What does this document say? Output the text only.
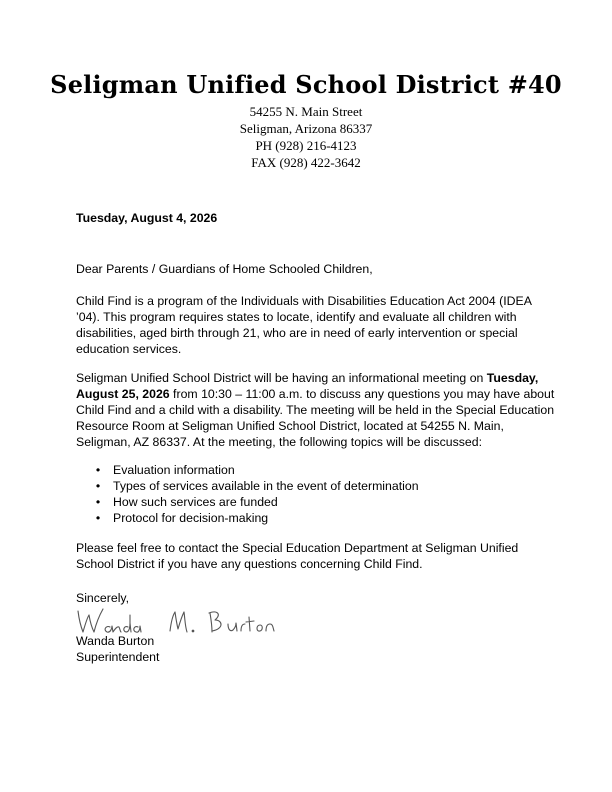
Seligman Unified School District #40
54255 N. Main Street
Seligman, Arizona 86337
PH (928) 216-4123
FAX (928) 422-3642
Tuesday, August 4, 2026
Dear Parents / Guardians of Home Schooled Children,

Child Find is a program of the Individuals with Disabilities Education Act 2004 (IDEA ’04). This program requires states to locate, identify and evaluate all children with disabilities, aged birth through 21, who are in need of early intervention or special education services.

Seligman Unified School District will be having an informational meeting on Tuesday, August 25, 2026 from 10:30 – 11:00 a.m. to discuss any questions you may have about Child Find and a child with a disability. The meeting will be held in the Special Education Resource Room at Seligman Unified School District, located at 54255 N. Main, Seligman, AZ 86337. At the meeting, the following topics will be discussed:

• Evaluation information
• Types of services available in the event of determination
• How such services are funded
• Protocol for decision-making

Please feel free to contact the Special Education Department at Seligman Unified School District if you have any questions concerning Child Find.

Sincerely,

Wanda Burton

Superintendent
